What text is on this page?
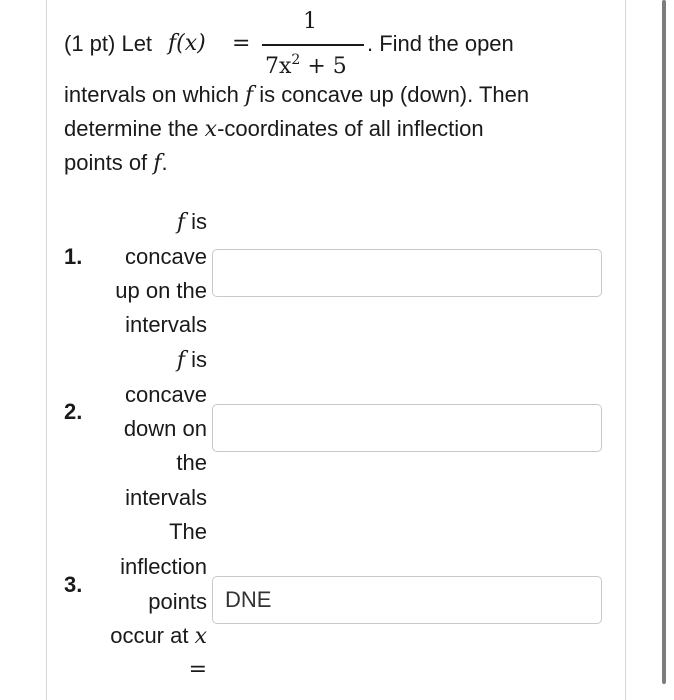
(1 pt) Let f(x) =
1
$7x^2 + 5$
. Find the open
intervals on which f is concave up (down). Then
determine the x-coordinates of all inflection
points of f.
1.
f is
concave
up on the
intervals
2.
f is
concave
down on
the
intervals
3.
The
inflection
points
occur at x
=
DNE
